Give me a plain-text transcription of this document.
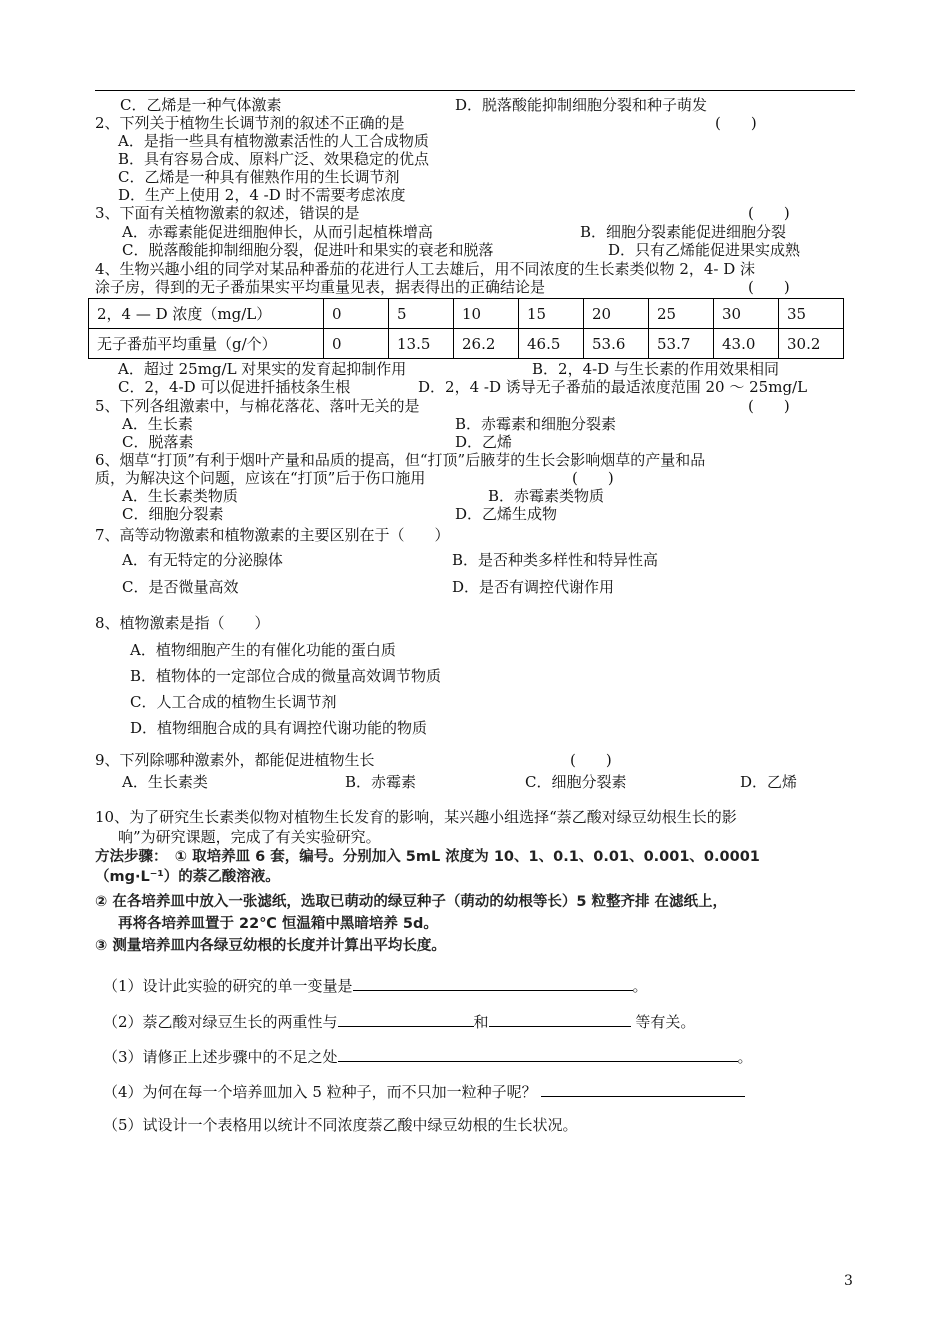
C．乙烯是一种气体激素	D．脱落酸能抑制细胞分裂和种子萌发
2、下列关于植物生长调节剂的叙述不正确的是	(　　)
A．是指一些具有植物激素活性的人工合成物质
B．具有容易合成、原料广泛、效果稳定的优点
C．乙烯是一种具有催熟作用的生长调节剂
D．生产上使用 2，4 -D 时不需要考虑浓度
3、下面有关植物激素的叙述，错误的是	(　　)
A．赤霉素能促进细胞伸长，从而引起植株增高	B．细胞分裂素能促进细胞分裂
C．脱落酸能抑制细胞分裂，促进叶和果实的衰老和脱落	D．只有乙烯能促进果实成熟
4、生物兴趣小组的同学对某品种番茄的花进行人工去雄后，用不同浓度的生长素类似物 2，4- D 沫
涂子房，得到的无子番茄果实平均重量见表，据表得出的正确结论是	(　　)
2，4 — D 浓度（mg/L）	0	5	10	15	20	25	30	35
无子番茄平均重量（g/个）	0	13.5	26.2	46.5	53.6	53.7	43.0	30.2
A．超过 25mg/L 对果实的发育起抑制作用	B．2，4-D 与生长素的作用效果相同
C．2，4-D 可以促进扦插枝条生根	D．2，4 -D 诱导无子番茄的最适浓度范围 20 ～ 25mg/L
5、下列各组激素中，与棉花落花、落叶无关的是	(　　)
A．生长素	B．赤霉素和细胞分裂素
C．脱落素	D．乙烯
6、烟草“打顶”有利于烟叶产量和品质的提高，但“打顶”后腋芽的生长会影响烟草的产量和品
质，为解决这个问题，应该在“打顶”后于伤口施用	(　　)
A．生长素类物质	B．赤霉素类物质
C．细胞分裂素	D．乙烯生成物
7、高等动物激素和植物激素的主要区别在于（　　）
A．有无特定的分泌腺体	B．是否种类多样性和特异性高
C．是否微量高效	D．是否有调控代谢作用
8、植物激素是指（　　）
A．植物细胞产生的有催化功能的蛋白质
B．植物体的一定部位合成的微量高效调节物质
C．人工合成的植物生长调节剂
D．植物细胞合成的具有调控代谢功能的物质
9、下列除哪种激素外，都能促进植物生长	(　　)
A．生长素类	B．赤霉素	C．细胞分裂素	D．乙烯
10、为了研究生长素类似物对植物生长发育的影响，某兴趣小组选择“萘乙酸对绿豆幼根生长的影
响”为研究课题，完成了有关实验研究。
方法步骤：　① 取培养皿 6 套，编号。分别加入 5mL 浓度为 10、1、0.1、0.01、0.001、0.0001
（mg·L⁻¹）的萘乙酸溶液。
② 在各培养皿中放入一张滤纸，选取已萌动的绿豆种子（萌动的幼根等长）5 粒整齐排 在滤纸上，
再将各培养皿置于 22℃ 恒温箱中黑暗培养 5d。
③ 测量培养皿内各绿豆幼根的长度并计算出平均长度。
（1）设计此实验的研究的单一变量是	。
（2）萘乙酸对绿豆生长的两重性与	和	等有关。
（3）请修正上述步骤中的不足之处	。
（4）为何在每一个培养皿加入 5 粒种子，而不只加一粒种子呢？
（5）试设计一个表格用以统计不同浓度萘乙酸中绿豆幼根的生长状况。
3
